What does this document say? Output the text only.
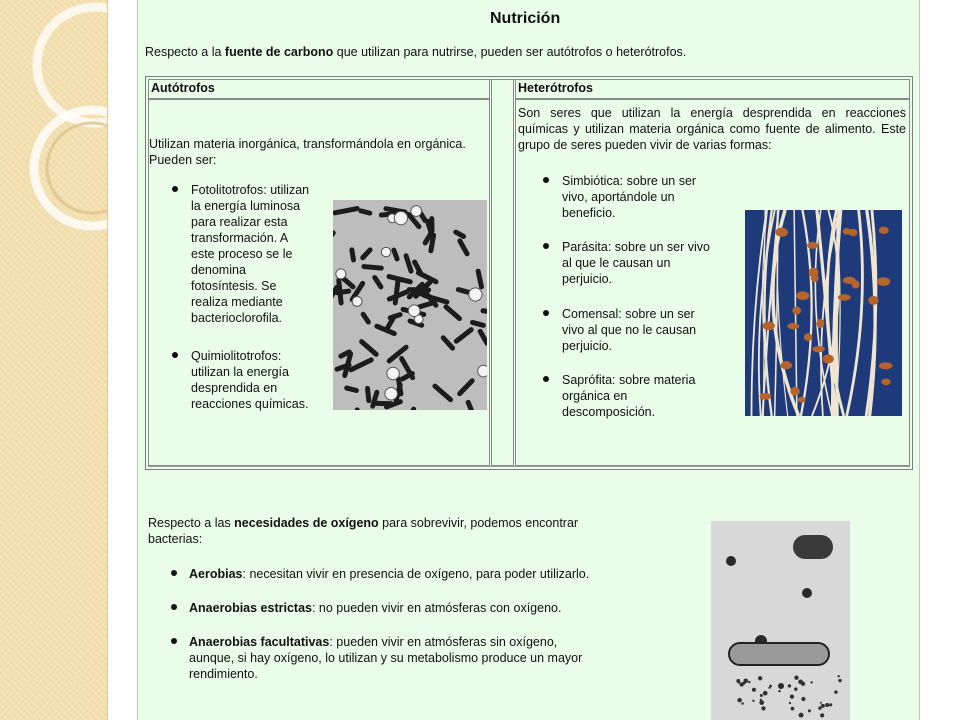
Nutrición
Respecto a la fuente de carbono que utilizan para nutrirse, pueden ser autótrofos o heterótrofos.
Autótrofos	Heterótrofos
Utilizan materia inorgánica, transformándola en orgánica. Pueden ser:
Fotolitotrofos: utilizan
la energía luminosa
para realizar esta
transformación. A
este proceso se le
denomina
fotosíntesis. Se
realiza mediante
bacterioclorofila.
Quimiolitotrofos:
utilizan la energía
desprendida en
reacciones químicas.
Son seres que utilizan la energía desprendida en reacciones químicas y utilizan materia orgánica como fuente de alimento. Este grupo de seres pueden vivir de varias formas:
Simbiótica: sobre un ser
vivo, aportándole un
beneficio.
Parásita: sobre un ser vivo
al que le causan un
perjuicio.
Comensal: sobre un ser
vivo al que no le causan
perjuicio.
Saprófita: sobre materia
orgánica en
descomposición.
Respecto a las necesidades de oxígeno para sobrevivir, podemos encontrar bacterias:
Aerobias: necesitan vivir en presencia de oxígeno, para poder utilizarlo.
Anaerobias estrictas: no pueden vivir en atmósferas con oxígeno.
Anaerobias facultativas: pueden vivir en atmósferas sin oxígeno,
aunque, si hay oxígeno, lo utilizan y su metabolismo produce un mayor
rendimiento.
